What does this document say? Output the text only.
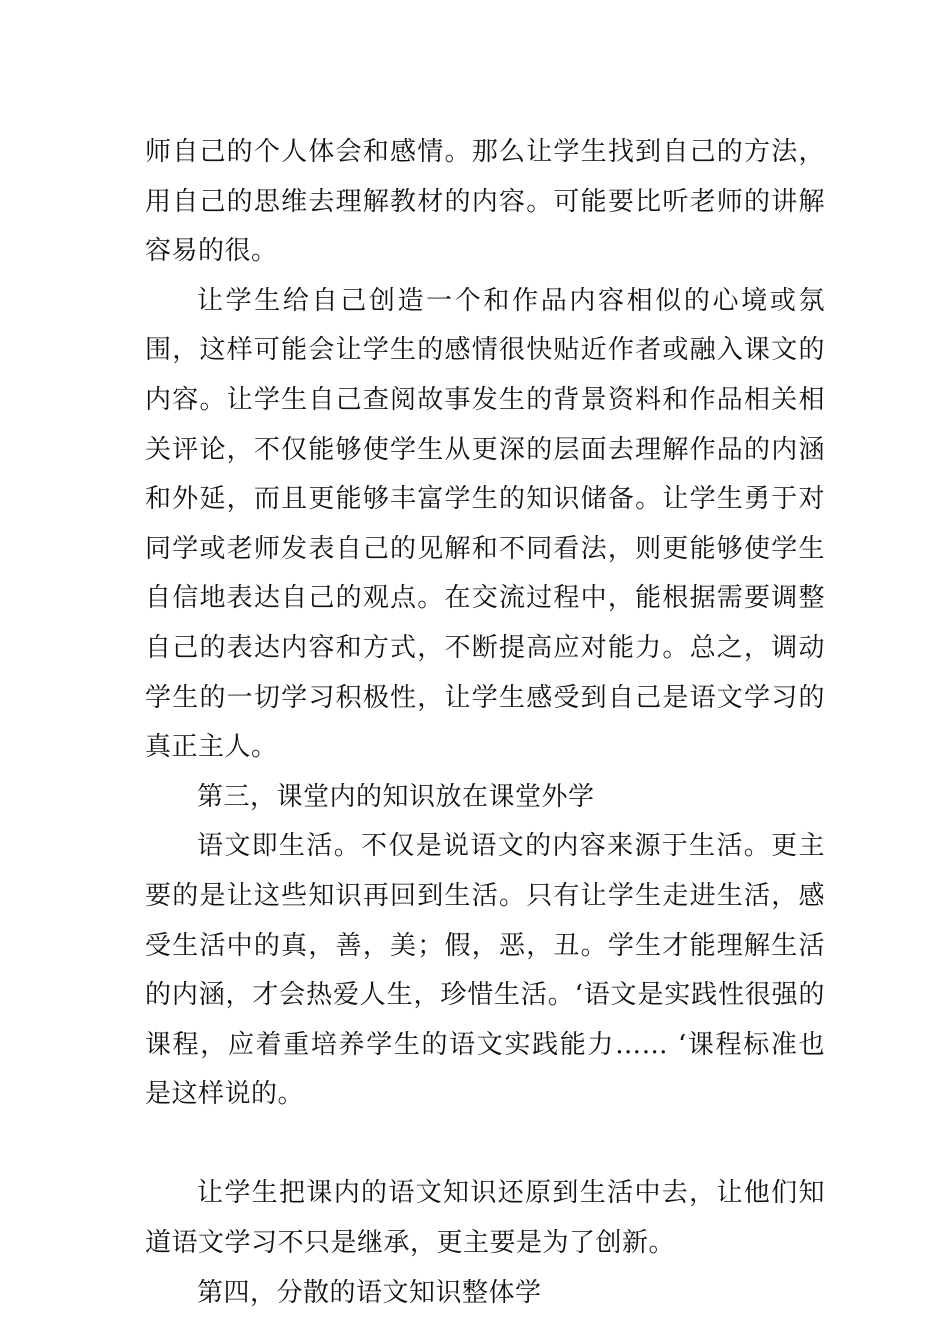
师自己的个人体会和感情。那么让学生找到自己的方法，用自己的思维去理解教材的内容。可能要比听老师的讲解容易的很。

让学生给自己创造一个和作品内容相似的心境或氛围，这样可能会让学生的感情很快贴近作者或融入课文的内容。让学生自己查阅故事发生的背景资料和作品相关相关评论，不仅能够使学生从更深的层面去理解作品的内涵和外延，而且更能够丰富学生的知识储备。让学生勇于对同学或老师发表自己的见解和不同看法，则更能够使学生自信地表达自己的观点。在交流过程中，能根据需要调整自己的表达内容和方式，不断提高应对能力。总之，调动学生的一切学习积极性，让学生感受到自己是语文学习的真正主人。

第三，课堂内的知识放在课堂外学

语文即生活。不仅是说语文的内容来源于生活。更主要的是让这些知识再回到生活。只有让学生走进生活，感受生活中的真，善，美；假，恶，丑。学生才能理解生活的内涵，才会热爱人生，珍惜生活。‘语文是实践性很强的课程，应着重培养学生的语文实践能力…… ‘课程标准也是这样说的。

让学生把课内的语文知识还原到生活中去，让他们知道语文学习不只是继承，更主要是为了创新。

第四，分散的语文知识整体学
